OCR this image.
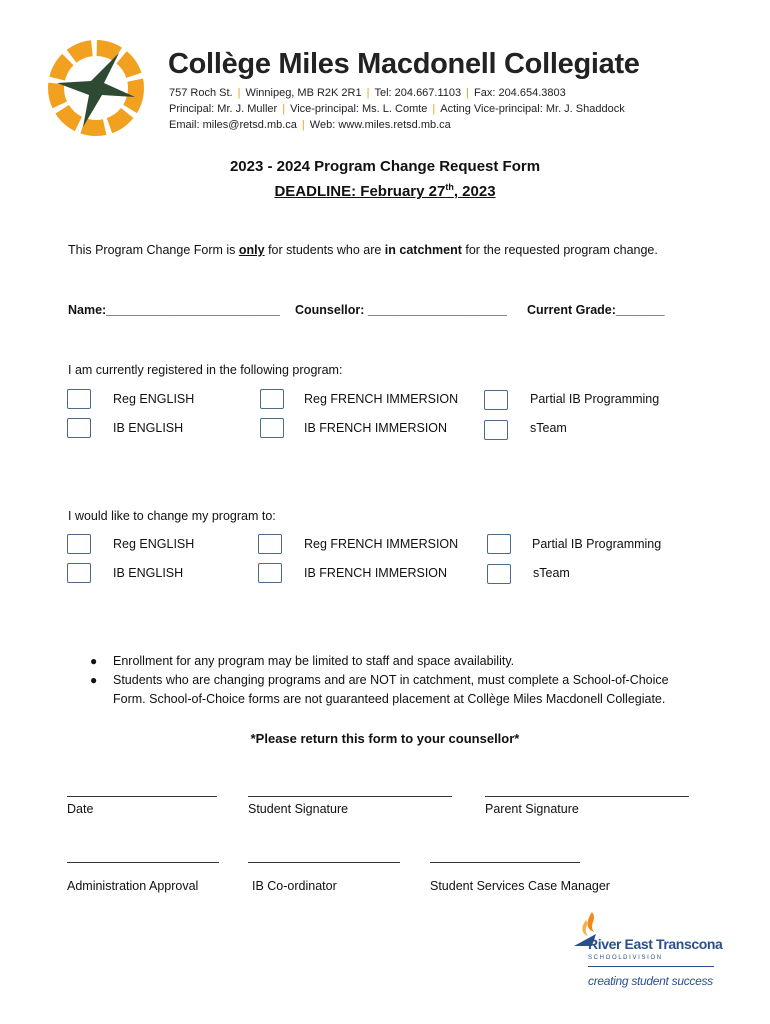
Collège Miles Macdonell Collegiate
757 Roch St. | Winnipeg, MB R2K 2R1 | Tel: 204.667.1103 | Fax: 204.654.3803
Principal: Mr. J. Muller | Vice-principal: Ms. L. Comte | Acting Vice-principal: Mr. J. Shaddock
Email: miles@retsd.mb.ca | Web: www.miles.retsd.mb.ca
2023 - 2024 Program Change Request Form
DEADLINE: February 27th, 2023
This Program Change Form is only for students who are in catchment for the requested program change.
Name:_________________________ Counsellor: ____________________ Current Grade:_______
I am currently registered in the following program:
Reg ENGLISH	Reg FRENCH IMMERSION	Partial IB Programming
IB ENGLISH	IB FRENCH IMMERSION	sTeam
I would like to change my program to:
Reg ENGLISH	Reg FRENCH IMMERSION	Partial IB Programming
IB ENGLISH	IB FRENCH IMMERSION	sTeam
● Enrollment for any program may be limited to staff and space availability.
● Students who are changing programs and are NOT in catchment, must complete a School-of-Choice
Form. School-of-Choice forms are not guaranteed placement at Collège Miles Macdonell Collegiate.
*Please return this form to your counsellor*
Date	Student Signature	Parent Signature
Administration Approval	IB Co-ordinator	Student Services Case Manager
River East Transcona
S C H O O L D I V I S I O N
creating student success
